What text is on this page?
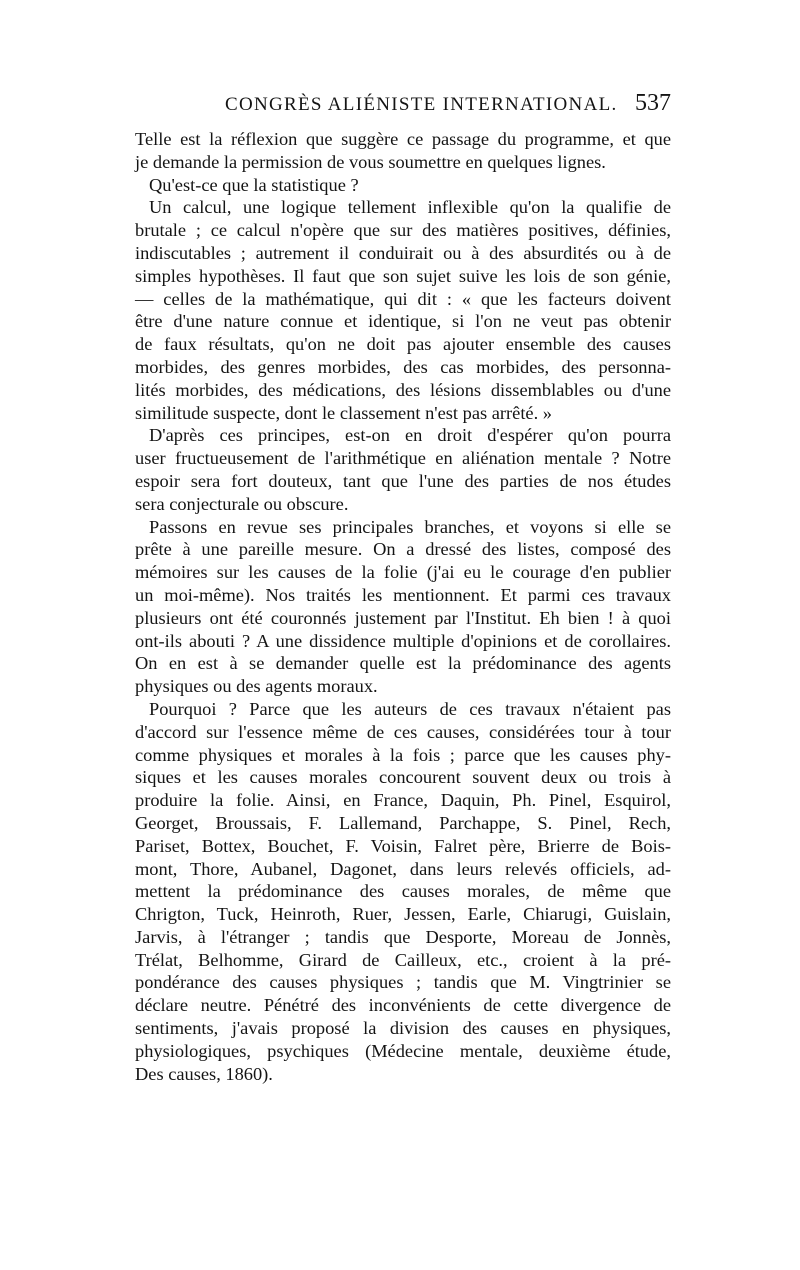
CONGRÈS ALIÉNISTE INTERNATIONAL. 537
Telle est la réflexion que suggère ce passage du programme, et que
je demande la permission de vous soumettre en quelques lignes.
Qu'est-ce que la statistique ?
Un calcul, une logique tellement inflexible qu'on la qualifie de
brutale ; ce calcul n'opère que sur des matières positives, définies,
indiscutables ; autrement il conduirait ou à des absurdités ou à de
simples hypothèses. Il faut que son sujet suive les lois de son génie,
— celles de la mathématique, qui dit : « que les facteurs doivent
être d'une nature connue et identique, si l'on ne veut pas obtenir
de faux résultats, qu'on ne doit pas ajouter ensemble des causes
morbides, des genres morbides, des cas morbides, des personna-
lités morbides, des médications, des lésions dissemblables ou d'une
similitude suspecte, dont le classement n'est pas arrêté. »
D'après ces principes, est-on en droit d'espérer qu'on pourra
user fructueusement de l'arithmétique en aliénation mentale ? Notre
espoir sera fort douteux, tant que l'une des parties de nos études
sera conjecturale ou obscure.
Passons en revue ses principales branches, et voyons si elle se
prête à une pareille mesure. On a dressé des listes, composé des
mémoires sur les causes de la folie (j'ai eu le courage d'en publier
un moi-même). Nos traités les mentionnent. Et parmi ces travaux
plusieurs ont été couronnés justement par l'Institut. Eh bien ! à quoi
ont-ils abouti ? A une dissidence multiple d'opinions et de corollaires.
On en est à se demander quelle est la prédominance des agents
physiques ou des agents moraux.
Pourquoi ? Parce que les auteurs de ces travaux n'étaient pas
d'accord sur l'essence même de ces causes, considérées tour à tour
comme physiques et morales à la fois ; parce que les causes phy-
siques et les causes morales concourent souvent deux ou trois à
produire la folie. Ainsi, en France, Daquin, Ph. Pinel, Esquirol,
Georget, Broussais, F. Lallemand, Parchappe, S. Pinel, Rech,
Pariset, Bottex, Bouchet, F. Voisin, Falret père, Brierre de Bois-
mont, Thore, Aubanel, Dagonet, dans leurs relevés officiels, ad-
mettent la prédominance des causes morales, de même que
Chrigton, Tuck, Heinroth, Ruer, Jessen, Earle, Chiarugi, Guislain,
Jarvis, à l'étranger ; tandis que Desporte, Moreau de Jonnès,
Trélat, Belhomme, Girard de Cailleux, etc., croient à la pré-
pondérance des causes physiques ; tandis que M. Vingtrinier se
déclare neutre. Pénétré des inconvénients de cette divergence de
sentiments, j'avais proposé la division des causes en physiques,
physiologiques, psychiques (Médecine mentale, deuxième étude,
Des causes, 1860).
